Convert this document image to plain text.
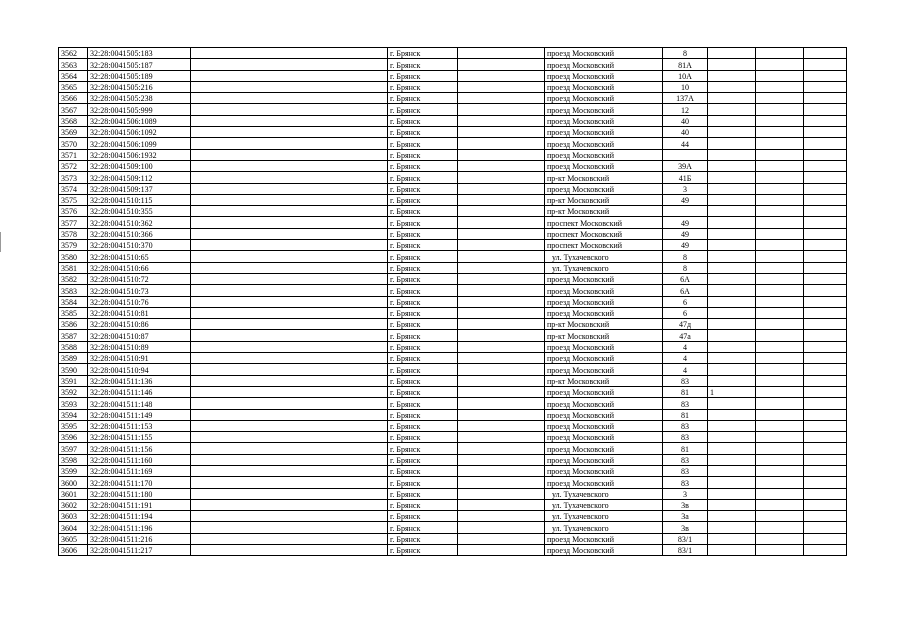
3562	32:28:0041505:183		г. Брянск		проезд Московский	8			
3563	32:28:0041505:187		г. Брянск		проезд Московский	81А			
3564	32:28:0041505:189		г. Брянск		проезд Московский	10А			
3565	32:28:0041505:216		г. Брянск		проезд Московский	10			
3566	32:28:0041505:238		г. Брянск		проезд Московский	137А			
3567	32:28:0041505:999		г. Брянск		проезд Московский	12			
3568	32:28:0041506:1089		г. Брянск		проезд Московский	40			
3569	32:28:0041506:1092		г. Брянск		проезд Московский	40			
3570	32:28:0041506:1099		г. Брянск		проезд Московский	44			
3571	32:28:0041506:1932		г. Брянск		проезд Московский				
3572	32:28:0041509:100		г. Брянск		проезд Московский	39А			
3573	32:28:0041509:112		г. Брянск		пр-кт Московский	41Б			
3574	32:28:0041509:137		г. Брянск		проезд Московский	3			
3575	32:28:0041510:115		г. Брянск		пр-кт Московский	49			
3576	32:28:0041510:355		г. Брянск		пр-кт Московский				
3577	32:28:0041510:362		г. Брянск		проспект Московский	49			
3578	32:28:0041510:366		г. Брянск		проспект Московский	49			
3579	32:28:0041510:370		г. Брянск		проспект Московский	49			
3580	32:28:0041510:65		г. Брянск		ул. Тухачевского	8			
3581	32:28:0041510:66		г. Брянск		ул. Тухачевского	8			
3582	32:28:0041510:72		г. Брянск		проезд Московский	6А			
3583	32:28:0041510:73		г. Брянск		проезд Московский	6А			
3584	32:28:0041510:76		г. Брянск		проезд Московский	6			
3585	32:28:0041510:81		г. Брянск		проезд Московский	6			
3586	32:28:0041510:86		г. Брянск		пр-кт Московский	47д			
3587	32:28:0041510:87		г. Брянск		пр-кт Московский	47а			
3588	32:28:0041510:89		г. Брянск		проезд Московский	4			
3589	32:28:0041510:91		г. Брянск		проезд Московский	4			
3590	32:28:0041510:94		г. Брянск		проезд Московский	4			
3591	32:28:0041511:136		г. Брянск		пр-кт Московский	83			
3592	32:28:0041511:146		г. Брянск		проезд Московский	81	1		
3593	32:28:0041511:148		г. Брянск		проезд Московский	83			
3594	32:28:0041511:149		г. Брянск		проезд Московский	81			
3595	32:28:0041511:153		г. Брянск		проезд Московский	83			
3596	32:28:0041511:155		г. Брянск		проезд Московский	83			
3597	32:28:0041511:156		г. Брянск		проезд Московский	81			
3598	32:28:0041511:160		г. Брянск		проезд Московский	83			
3599	32:28:0041511:169		г. Брянск		проезд Московский	83			
3600	32:28:0041511:170		г. Брянск		проезд Московский	83			
3601	32:28:0041511:180		г. Брянск		ул. Тухачевского	3			
3602	32:28:0041511:191		г. Брянск		ул. Тухачевского	3в			
3603	32:28:0041511:194		г. Брянск		ул. Тухачевского	3а			
3604	32:28:0041511:196		г. Брянск		ул. Тухачевского	3в			
3605	32:28:0041511:216		г. Брянск		проезд Московский	83/1			
3606	32:28:0041511:217		г. Брянск		проезд Московский	83/1			
